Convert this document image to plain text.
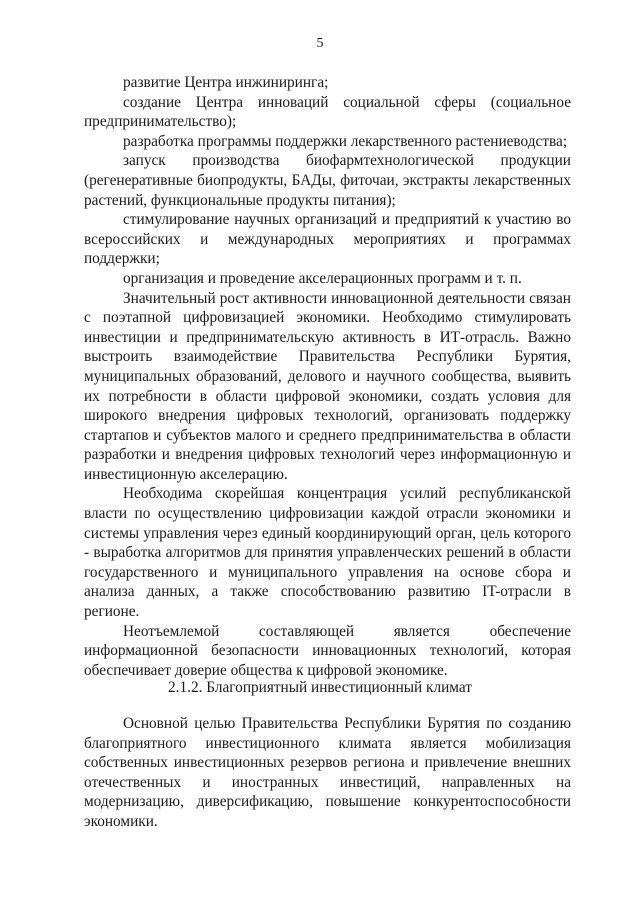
5

развитие Центра инжиниринга;

создание Центра инноваций социальной сферы (социальное предпринимательство);

разработка программы поддержки лекарственного растениеводства;

запуск производства биофармтехнологической продукции (регенеративные биопродукты, БАДы, фиточаи, экстракты лекарственных растений, функциональные продукты питания);

стимулирование научных организаций и предприятий к участию во всероссийских и международных мероприятиях и программах поддержки;

организация и проведение акселерационных программ и т. п.

Значительный рост активности инновационной деятельности связан с поэтапной цифровизацией экономики. Необходимо стимулировать инвестиции и предпринимательскую активность в ИТ-отрасль. Важно выстроить взаимодействие Правительства Республики Бурятия, муниципальных образований, делового и научного сообщества, выявить их потребности в области цифровой экономики, создать условия для широкого внедрения цифровых технологий, организовать поддержку стартапов и субъектов малого и среднего предпринимательства в области разработки и внедрения цифровых технологий через информационную и инвестиционную акселерацию.

Необходима скорейшая концентрация усилий республиканской власти по осуществлению цифровизации каждой отрасли экономики и системы управления через единый координирующий орган, цель которого - выработка алгоритмов для принятия управленческих решений в области государственного и муниципального управления на основе сбора и анализа данных, а также способствованию развитию IT-отрасли в регионе.

Неотъемлемой составляющей является обеспечение информационной безопасности инновационных технологий, которая обеспечивает доверие общества к цифровой экономике.

2.1.2. Благоприятный инвестиционный климат

Основной целью Правительства Республики Бурятия по созданию благоприятного инвестиционного климата является мобилизация собственных инвестиционных резервов региона и привлечение внешних отечественных и иностранных инвестиций, направленных на модернизацию, диверсификацию, повышение конкурентоспособности экономики.
